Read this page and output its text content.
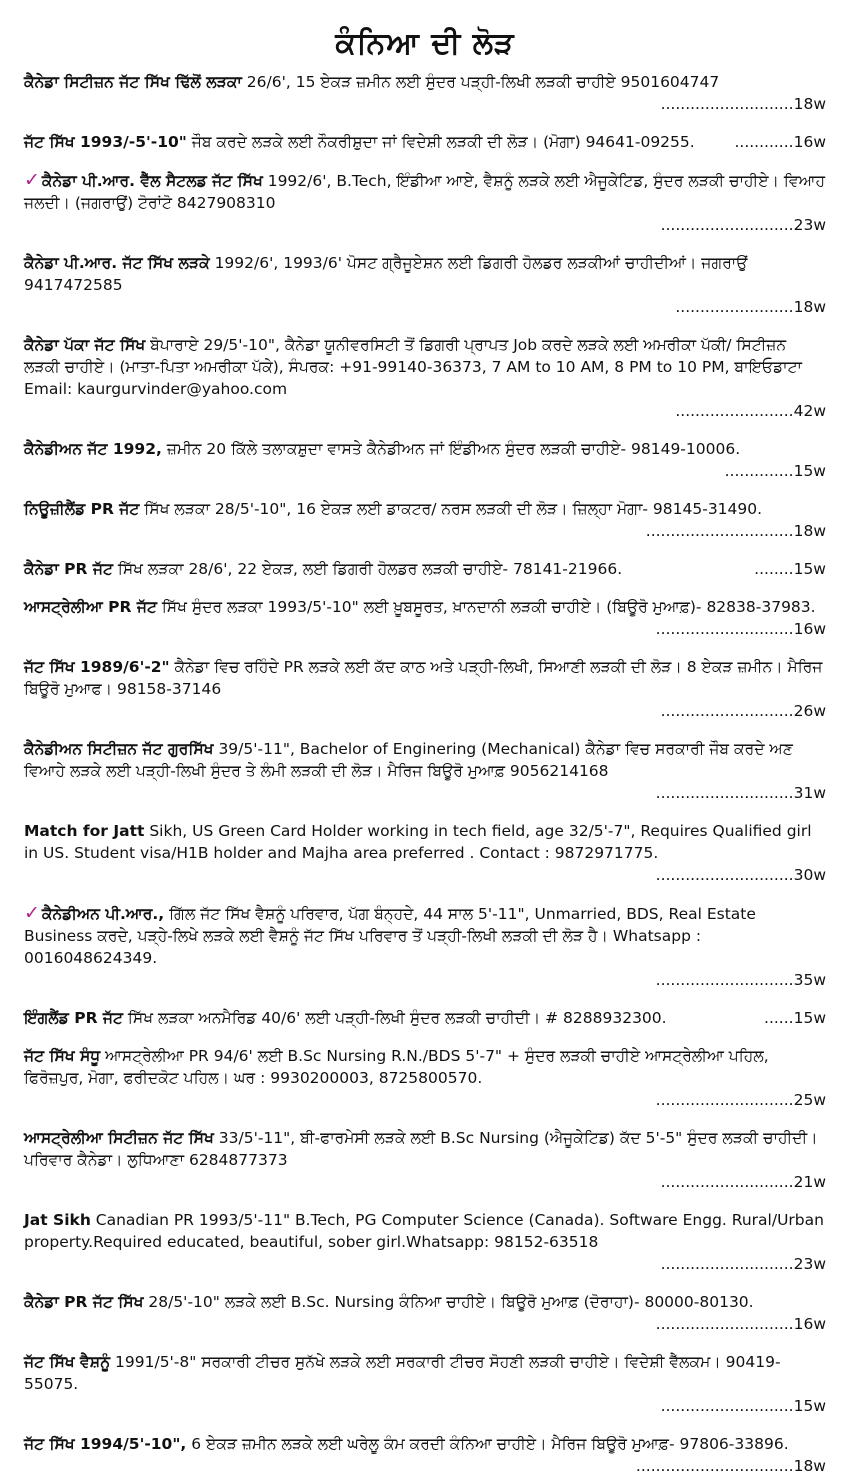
ਕੰਨਿਆ ਦੀ ਲੋੜ
ਕੈਨੇਡਾ ਸਿਟੀਜ਼ਨ ਜੱਟ ਸਿੱਖ ਢਿੱਲੋਂ ਲੜਕਾ 26/6', 15 ਏਕੜ ਜ਼ਮੀਨ ਲਈ ਸੁੰਦਰ ਪੜ੍ਹੀ-ਲਿਖੀ ਲੜਕੀ ਚਾਹੀਏ 9501604747
...........................18w
ਜੱਟ ਸਿੱਖ 1993/-5'-10" ਜੌਬ ਕਰਦੇ ਲੜਕੇ ਲਈ ਨੌਕਰੀਸ਼ੁਦਾ ਜਾਂ ਵਿਦੇਸ਼ੀ ਲੜਕੀ ਦੀ ਲੋੜ। (ਮੋਗਾ) 94641-09255.	............16w
✓ ਕੈਨੇਡਾ ਪੀ.ਆਰ. ਵੈੱਲ ਸੈਟਲਡ ਜੱਟ ਸਿੱਖ 1992/6', B.Tech, ਇੰਡੀਆ ਆਏ, ਵੈਸ਼ਨੂੰ ਲੜਕੇ ਲਈ ਐਜੂਕੇਟਿਡ, ਸੁੰਦਰ ਲੜਕੀ ਚਾਹੀਏ। ਵਿਆਹ ਜਲਦੀ। (ਜਗਰਾਉਂ) ਟੋਰਾਂਟੋ 8427908310
...........................23w
ਕੈਨੇਡਾ ਪੀ.ਆਰ. ਜੱਟ ਸਿੱਖ ਲੜਕੇ 1992/6', 1993/6' ਪੋਸਟ ਗ੍ਰੈਜੂਏਸ਼ਨ ਲਈ ਡਿਗਰੀ ਹੋਲਡਰ ਲੜਕੀਆਂ ਚਾਹੀਦੀਆਂ। ਜਗਰਾਉਂ 9417472585
........................18w
ਕੈਨੇਡਾ ਪੱਕਾ ਜੱਟ ਸਿੱਖ ਬੋਪਾਰਾਏ 29/5'-10", ਕੈਨੇਡਾ ਯੂਨੀਵਰਸਿਟੀ ਤੋਂ ਡਿਗਰੀ ਪ੍ਰਾਪਤ Job ਕਰਦੇ ਲੜਕੇ ਲਈ ਅਮਰੀਕਾ ਪੱਕੀ/ ਸਿਟੀਜ਼ਨ ਲੜਕੀ ਚਾਹੀਏ। (ਮਾਤਾ-ਪਿਤਾ ਅਮਰੀਕਾ ਪੱਕੇ), ਸੰਪਰਕ: +91-99140-36373, 7 AM to 10 AM, 8 PM to 10 PM, ਬਾਇਓਡਾਟਾ Email: kaurgurvinder@yahoo.com
........................42w
ਕੈਨੇਡੀਅਨ ਜੱਟ 1992, ਜ਼ਮੀਨ 20 ਕਿੱਲੇ ਤਲਾਕਸ਼ੁਦਾ ਵਾਸਤੇ ਕੈਨੇਡੀਅਨ ਜਾਂ ਇੰਡੀਅਨ ਸੁੰਦਰ ਲੜਕੀ ਚਾਹੀਏ- 98149-10006.
..............15w
ਨਿਊਜ਼ੀਲੈਂਡ PR ਜੱਟ ਸਿੱਖ ਲੜਕਾ 28/5'-10", 16 ਏਕੜ ਲਈ ਡਾਕਟਰ/ ਨਰਸ ਲੜਕੀ ਦੀ ਲੋੜ। ਜ਼ਿਲ੍ਹਾ ਮੋਗਾ- 98145-31490.
..............................18w
ਕੈਨੇਡਾ PR ਜੱਟ ਸਿੱਖ ਲੜਕਾ 28/6', 22 ਏਕੜ, ਲਈ ਡਿਗਰੀ ਹੋਲਡਰ ਲੜਕੀ ਚਾਹੀਏ- 78141-21966.	........15w
ਆਸਟ੍ਰੇਲੀਆ PR ਜੱਟ ਸਿੱਖ ਸੁੰਦਰ ਲੜਕਾ 1993/5'-10" ਲਈ ਖ਼ੂਬਸੂਰਤ, ਖ਼ਾਨਦਾਨੀ ਲੜਕੀ ਚਾਹੀਏ। (ਬਿਊਰੋ ਮੁਆਫ਼)- 82838-37983.
............................16w
ਜੱਟ ਸਿੱਖ 1989/6'-2" ਕੈਨੇਡਾ ਵਿਚ ਰਹਿੰਦੇ PR ਲੜਕੇ ਲਈ ਕੱਦ ਕਾਠ ਅਤੇ ਪੜ੍ਹੀ-ਲਿਖੀ, ਸਿਆਣੀ ਲੜਕੀ ਦੀ ਲੋੜ। 8 ਏਕੜ ਜ਼ਮੀਨ। ਮੈਰਿਜ ਬਿਊਰੋ ਮੁਆਫ। 98158-37146
...........................26w
ਕੈਨੇਡੀਅਨ ਸਿਟੀਜ਼ਨ ਜੱਟ ਗੁਰਸਿੱਖ 39/5'-11", Bachelor of Enginering (Mechanical) ਕੈਨੇਡਾ ਵਿਚ ਸਰਕਾਰੀ ਜੌਬ ਕਰਦੇ ਅਣ ਵਿਆਹੇ ਲੜਕੇ ਲਈ ਪੜ੍ਹੀ-ਲਿਖੀ ਸੁੰਦਰ ਤੇ ਲੰਮੀ ਲੜਕੀ ਦੀ ਲੋੜ। ਮੈਰਿਜ ਬਿਊਰੋ ਮੁਆਫ਼ 9056214168
............................31w
Match for Jatt Sikh, US Green Card Holder working in tech field, age 32/5'-7", Requires Qualified girl in US. Student visa/H1B holder and Majha area preferred . Contact : 9872971775.
............................30w
✓ ਕੈਨੇਡੀਅਨ ਪੀ.ਆਰ., ਗਿੱਲ ਜੱਟ ਸਿੱਖ ਵੈਸ਼ਨੂੰ ਪਰਿਵਾਰ, ਪੱਗ ਬੰਨ੍ਹਦੇ, 44 ਸਾਲ 5'-11", Unmarried, BDS, Real Estate Business ਕਰਦੇ, ਪੜ੍ਹੇ-ਲਿਖੇ ਲੜਕੇ ਲਈ ਵੈਸ਼ਨੂੰ ਜੱਟ ਸਿੱਖ ਪਰਿਵਾਰ ਤੋਂ ਪੜ੍ਹੀ-ਲਿਖੀ ਲੜਕੀ ਦੀ ਲੋੜ ਹੈ। Whatsapp : 0016048624349.
............................35w
ਇੰਗਲੈਂਡ PR ਜੱਟ ਸਿੱਖ ਲੜਕਾ ਅਨਮੈਰਿਡ 40/6' ਲਈ ਪੜ੍ਹੀ-ਲਿਖੀ ਸੁੰਦਰ ਲੜਕੀ ਚਾਹੀਦੀ। # 8288932300.	......15w
ਜੱਟ ਸਿੱਖ ਸੰਧੂ ਆਸਟ੍ਰੇਲੀਆ PR 94/6' ਲਈ B.Sc Nursing R.N./BDS 5'-7" + ਸੁੰਦਰ ਲੜਕੀ ਚਾਹੀਏ ਆਸਟ੍ਰੇਲੀਆ ਪਹਿਲ, ਫਿਰੋਜ਼ਪੁਰ, ਮੋਗਾ, ਫਰੀਦਕੋਟ ਪਹਿਲ। ਘਰ : 9930200003, 8725800570.
............................25w
ਆਸਟ੍ਰੇਲੀਆ ਸਿਟੀਜ਼ਨ ਜੱਟ ਸਿੱਖ 33/5'-11", ਬੀ-ਫਾਰਮੇਸੀ ਲੜਕੇ ਲਈ B.Sc Nursing (ਐਜੂਕੇਟਿਡ) ਕੱਦ 5'-5" ਸੁੰਦਰ ਲੜਕੀ ਚਾਹੀਦੀ। ਪਰਿਵਾਰ ਕੈਨੇਡਾ। ਲੁਧਿਆਣਾ 6284877373
...........................21w
Jat Sikh Canadian PR 1993/5'-11" B.Tech, PG Computer Science (Canada). Software Engg. Rural/Urban property.Required educated, beautiful, sober girl.Whatsapp: 98152-63518
...........................23w
ਕੈਨੇਡਾ PR ਜੱਟ ਸਿੱਖ 28/5'-10" ਲੜਕੇ ਲਈ B.Sc. Nursing ਕੰਨਿਆ ਚਾਹੀਏ। ਬਿਊਰੋ ਮੁਆਫ਼ (ਦੋਰਾਹਾ)- 80000-80130.
............................16w
ਜੱਟ ਸਿੱਖ ਵੈਸ਼ਨੂੰ 1991/5'-8" ਸਰਕਾਰੀ ਟੀਚਰ ਸੁਨੱਖੇ ਲੜਕੇ ਲਈ ਸਰਕਾਰੀ ਟੀਚਰ ਸੋਹਣੀ ਲੜਕੀ ਚਾਹੀਏ। ਵਿਦੇਸ਼ੀ ਵੈੱਲਕਮ। 90419-55075.
...........................15w
ਜੱਟ ਸਿੱਖ 1994/5'-10", 6 ਏਕੜ ਜ਼ਮੀਨ ਲੜਕੇ ਲਈ ਘਰੇਲੂ ਕੰਮ ਕਰਦੀ ਕੰਨਿਆ ਚਾਹੀਏ। ਮੈਰਿਜ ਬਿਊਰੋ ਮੁਆਫ਼- 97806-33896.
................................18w
